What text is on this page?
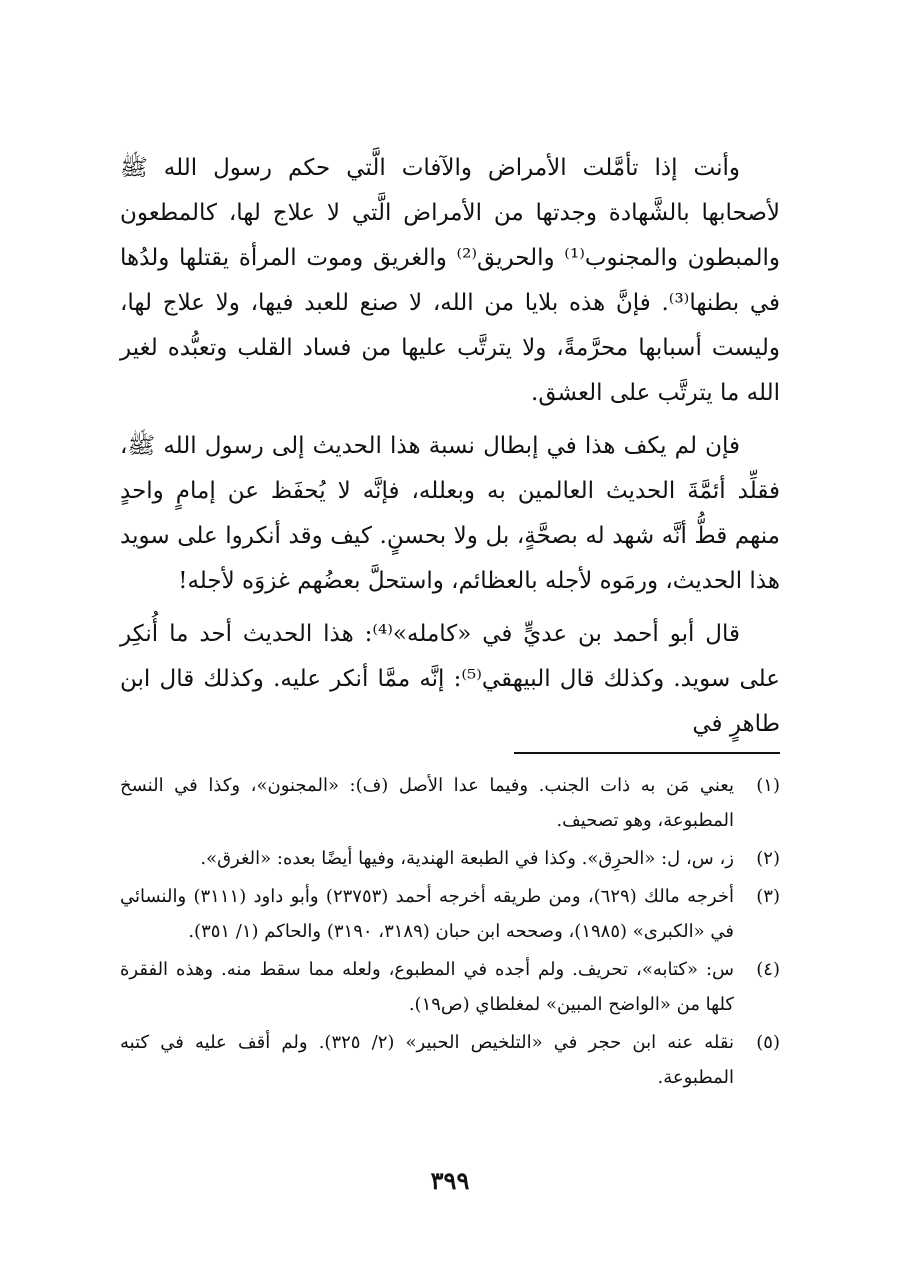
وأنت إذا تأمَّلت الأمراض والآفات الَّتي حكم رسول الله ﷺ لأصحابها بالشَّهادة وجدتها من الأمراض الَّتي لا علاج لها، كالمطعون والمبطون والمجنوب⁽¹⁾ والحريق⁽²⁾ والغريق وموت المرأة يقتلها ولدُها في بطنها⁽³⁾. فإنَّ هذه بلايا من الله، لا صنع للعبد فيها، ولا علاج لها، وليست أسبابها محرَّمةً، ولا يترتَّب عليها من فساد القلب وتعبُّده لغير الله ما يترتَّب على العشق.

فإن لم يكف هذا في إبطال نسبة هذا الحديث إلى رسول الله ﷺ، فقلِّد أئمَّةَ الحديث العالمين به وبعلله، فإنَّه لا يُحفَظ عن إمامٍ واحدٍ منهم قطُّ أنَّه شهد له بصحَّةٍ، بل ولا بحسنٍ. كيف وقد أنكروا على سويد هذا الحديث، ورمَوه لأجله بالعظائم، واستحلَّ بعضُهم غزوَه لأجله!

قال أبو أحمد بن عديٍّ في «كامله»⁽⁴⁾: هذا الحديث أحد ما أُنكِر على سويد. وكذلك قال البيهقي⁽⁵⁾: إنَّه ممَّا أنكر عليه. وكذلك قال ابن طاهرٍ في

(١)
يعني مَن به ذات الجنب. وفيما عدا الأصل (ف): «المجنون»، وكذا في النسخ المطبوعة، وهو تصحيف.
(٢)
ز، س، ل: «الحرِق». وكذا في الطبعة الهندية، وفيها أيضًا بعده: «الغرق».
(٣)
أخرجه مالك (٦٢٩)، ومن طريقه أخرجه أحمد (٢٣٧٥٣) وأبو داود (٣١١١) والنسائي في «الكبرى» (١٩٨٥)، وصححه ابن حبان (٣١٨٩، ٣١٩٠) والحاكم (١/ ٣٥١).
(٤)
س: «كتابه»، تحريف. ولم أجده في المطبوع، ولعله مما سقط منه. وهذه الفقرة كلها من «الواضح المبين» لمغلطاي (ص١٩).
(٥)
نقله عنه ابن حجر في «التلخيص الحبير» (٢/ ٣٢٥). ولم أقف عليه في كتبه المطبوعة.
٣٩٩
